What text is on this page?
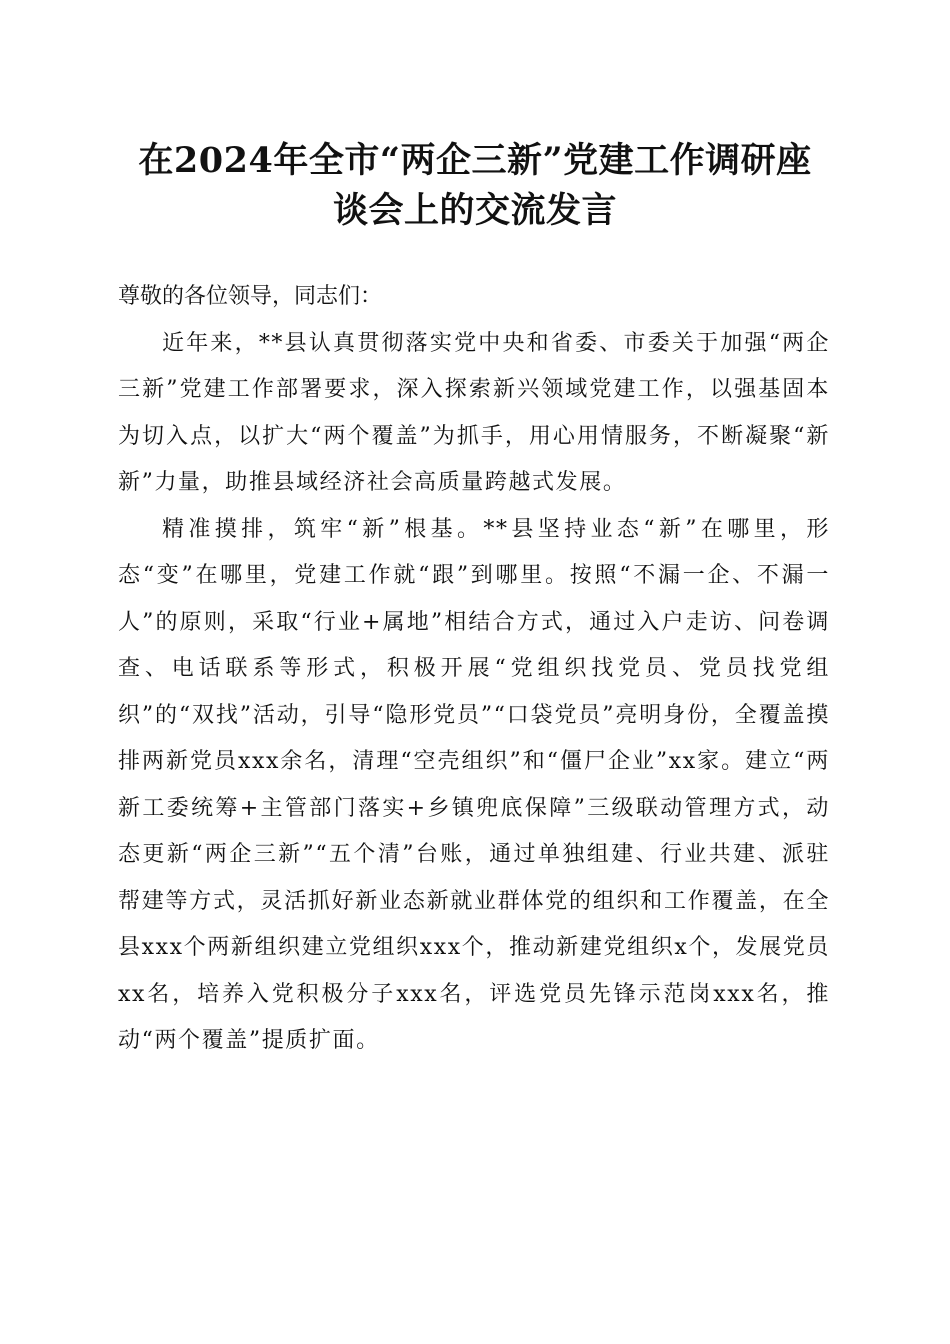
在2024年全市“两企三新”党建工作调研座
谈会上的交流发言

尊敬的各位领导，同志们：

近年来，**县认真贯彻落实党中央和省委、市委关于加强“两企三新”党建工作部署要求，深入探索新兴领域党建工作，以强基固本为切入点，以扩大“两个覆盖”为抓手，用心用情服务，不断凝聚“新新”力量，助推县域经济社会高质量跨越式发展。

精准摸排，筑牢“新”根基。**县坚持业态“新”在哪里，形态“变”在哪里，党建工作就“跟”到哪里。按照“不漏一企、不漏一人”的原则，采取“行业+属地”相结合方式，通过入户走访、问卷调查、电话联系等形式，积极开展“党组织找党员、党员找党组织”的“双找”活动，引导“隐形党员”“口袋党员”亮明身份，全覆盖摸排两新党员xxx余名，清理“空壳组织”和“僵尸企业”xx家。建立“两新工委统筹+主管部门落实+乡镇兜底保障”三级联动管理方式，动态更新“两企三新”“五个清”台账，通过单独组建、行业共建、派驻帮建等方式，灵活抓好新业态新就业群体党的组织和工作覆盖，在全县xxx个两新组织建立党组织xxx个，推动新建党组织x个，发展党员xx名，培养入党积极分子xxx名，评选党员先锋示范岗xxx名，推动“两个覆盖”提质扩面。
